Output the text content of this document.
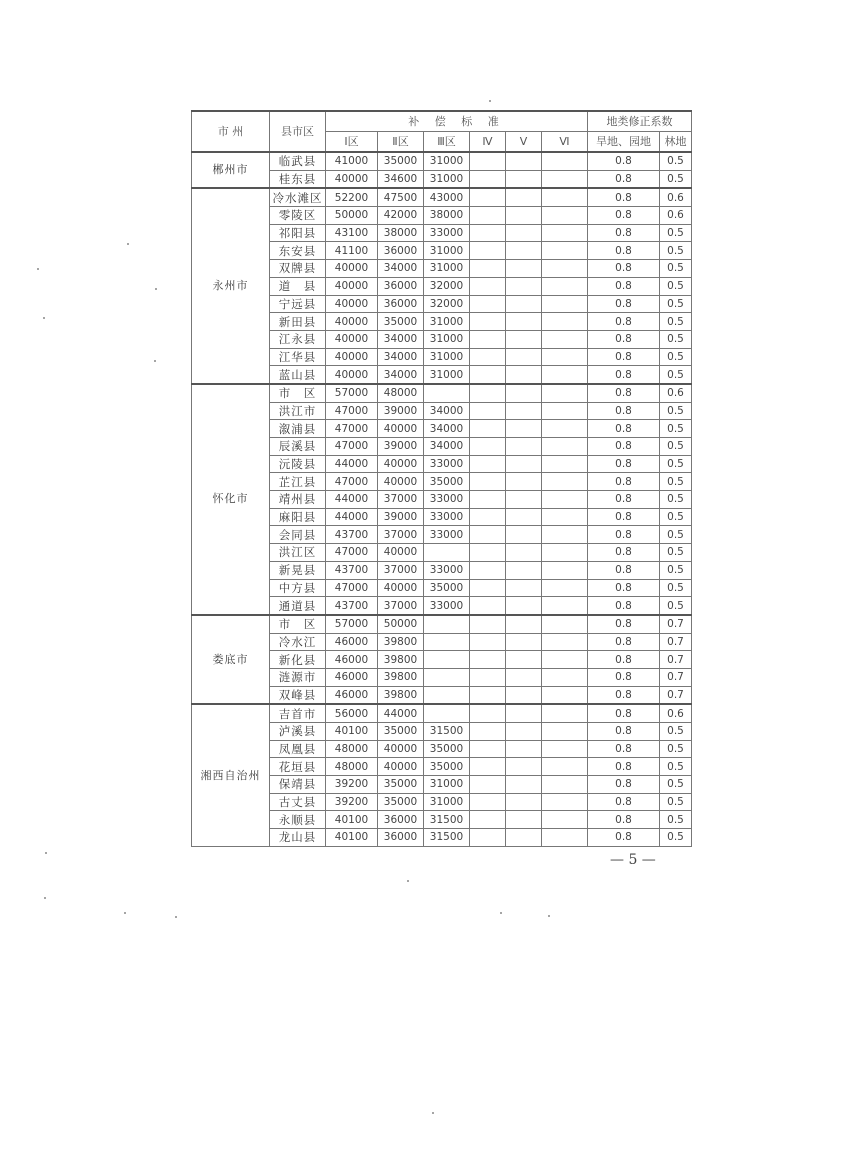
市 州	县市区	补 偿 标 准						地类修正系数	
		Ⅰ区	Ⅱ区	Ⅲ区	Ⅳ	Ⅴ	Ⅵ	旱地、园地	林地
郴州市	临武县	41000	35000	31000				0.8	0.5
	桂东县	40000	34600	31000				0.8	0.5
永州市	冷水滩区	52200	47500	43000				0.8	0.6
	零陵区	50000	42000	38000				0.8	0.6
	祁阳县	43100	38000	33000				0.8	0.5
	东安县	41100	36000	31000				0.8	0.5
	双牌县	40000	34000	31000				0.8	0.5
	道　县	40000	36000	32000				0.8	0.5
	宁远县	40000	36000	32000				0.8	0.5
	新田县	40000	35000	31000				0.8	0.5
	江永县	40000	34000	31000				0.8	0.5
	江华县	40000	34000	31000				0.8	0.5
	蓝山县	40000	34000	31000				0.8	0.5
怀化市	市　区	57000	48000					0.8	0.6
	洪江市	47000	39000	34000				0.8	0.5
	溆浦县	47000	40000	34000				0.8	0.5
	辰溪县	47000	39000	34000				0.8	0.5
	沅陵县	44000	40000	33000				0.8	0.5
	芷江县	47000	40000	35000				0.8	0.5
	靖州县	44000	37000	33000				0.8	0.5
	麻阳县	44000	39000	33000				0.8	0.5
	会同县	43700	37000	33000				0.8	0.5
	洪江区	47000	40000					0.8	0.5
	新晃县	43700	37000	33000				0.8	0.5
	中方县	47000	40000	35000				0.8	0.5
	通道县	43700	37000	33000				0.8	0.5
娄底市	市　区	57000	50000					0.8	0.7
	冷水江	46000	39800					0.8	0.7
	新化县	46000	39800					0.8	0.7
	涟源市	46000	39800					0.8	0.7
	双峰县	46000	39800					0.8	0.7
湘西自治州	吉首市	56000	44000					0.8	0.6
	泸溪县	40100	35000	31500				0.8	0.5
	凤凰县	48000	40000	35000				0.8	0.5
	花垣县	48000	40000	35000				0.8	0.5
	保靖县	39200	35000	31000				0.8	0.5
	古丈县	39200	35000	31000				0.8	0.5
	永顺县	40100	36000	31500				0.8	0.5
	龙山县	40100	36000	31500				0.8	0.5
— 5 —
